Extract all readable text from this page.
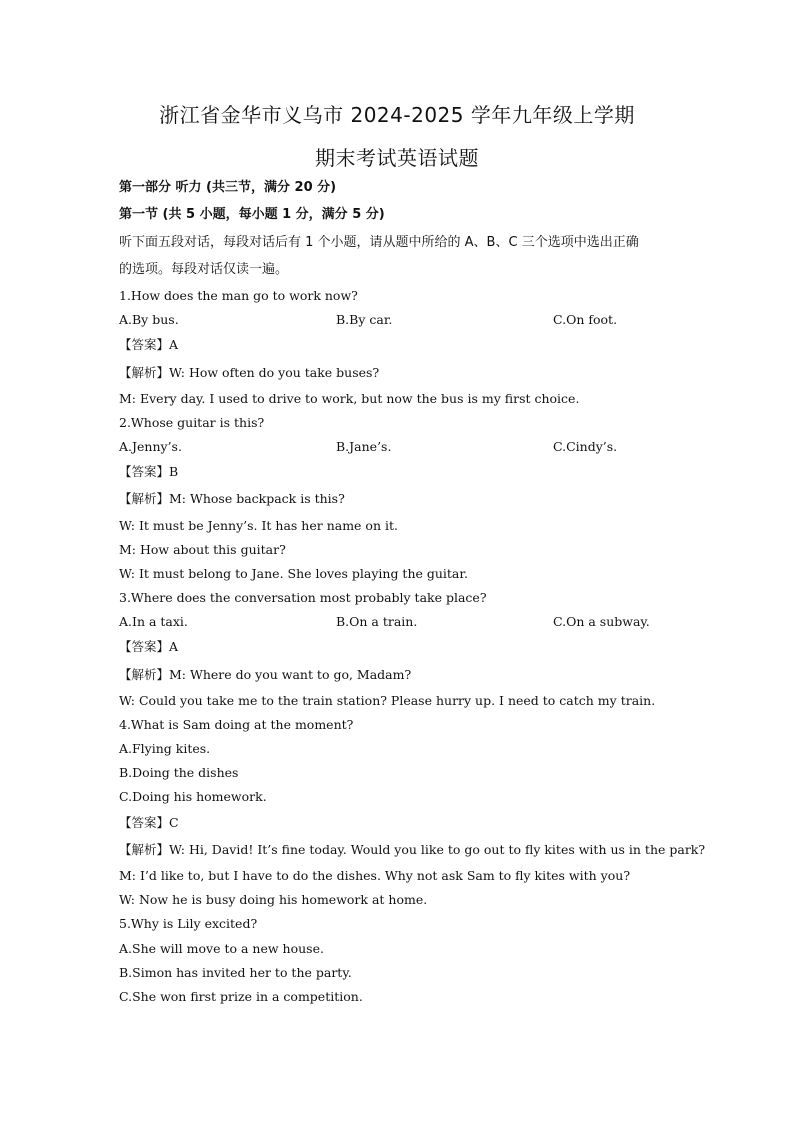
浙江省金华市义乌市 2024-2025 学年九年级上学期
期末考试英语试题
第一部分 听力 (共三节，满分 20 分)
第一节 (共 5 小题，每小题 1 分，满分 5 分)
听下面五段对话，每段对话后有 1 个小题，请从题中所给的 A、B、C 三个选项中选出正确
的选项。每段对话仅读一遍。
1.How does the man go to work now?
A.By bus.	B.By car.	C.On foot.
【答案】A
【解析】W: How often do you take buses?
M: Every day. I used to drive to work, but now the bus is my first choice.
2.Whose guitar is this?
A.Jenny’s.	B.Jane’s.	C.Cindy’s.
【答案】B
【解析】M: Whose backpack is this?
W: It must be Jenny’s. It has her name on it.
M: How about this guitar?
W: It must belong to Jane. She loves playing the guitar.
3.Where does the conversation most probably take place?
A.In a taxi.	B.On a train.	C.On a subway.
【答案】A
【解析】M: Where do you want to go, Madam?
W: Could you take me to the train station? Please hurry up. I need to catch my train.
4.What is Sam doing at the moment?
A.Flying kites.
B.Doing the dishes
C.Doing his homework.
【答案】C
【解析】W: Hi, David! It’s fine today. Would you like to go out to fly kites with us in the park?
M: I’d like to, but I have to do the dishes. Why not ask Sam to fly kites with you?
W: Now he is busy doing his homework at home.
5.Why is Lily excited?
A.She will move to a new house.
B.Simon has invited her to the party.
C.She won first prize in a competition.
